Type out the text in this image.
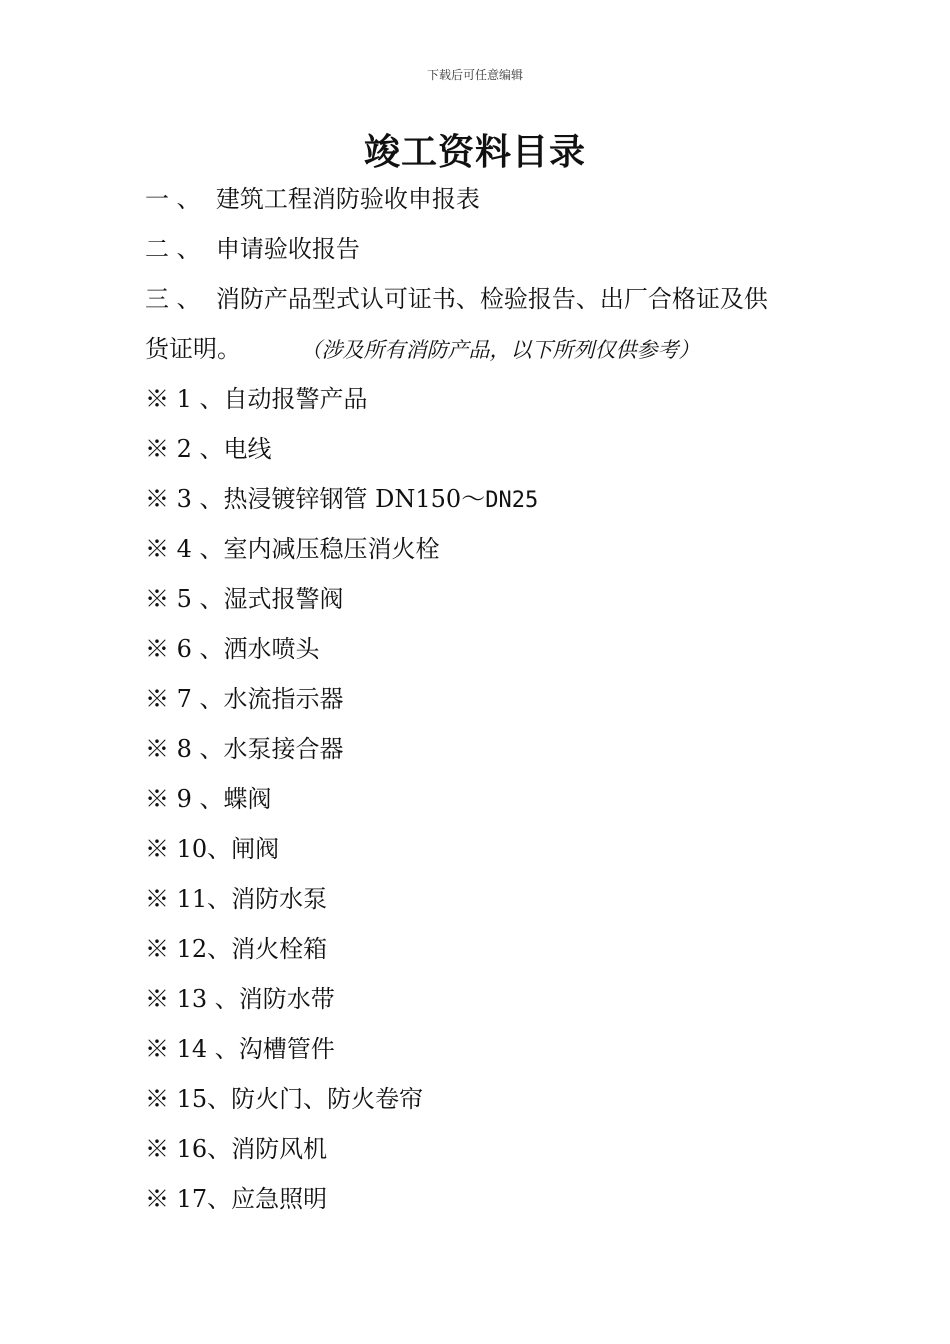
下载后可任意编辑
竣工资料目录
一 、 建筑工程消防验收申报表
二 、 申请验收报告
三 、 消防产品型式认可证书、检验报告、出厂合格证及供
货证明。	（涉及所有消防产品，以下所列仅供参考）
※ 1 、自动报警产品
※ 2 、电线
※ 3 、热浸镀锌钢管 DN150～DN25
※ 4 、室内减压稳压消火栓
※ 5 、湿式报警阀
※ 6 、洒水喷头
※ 7 、水流指示器
※ 8 、水泵接合器
※ 9 、蝶阀
※ 10、闸阀
※ 11、消防水泵
※ 12、消火栓箱
※ 13 、消防水带
※ 14 、沟槽管件
※ 15、防火门、防火卷帘
※ 16、消防风机
※ 17、应急照明
